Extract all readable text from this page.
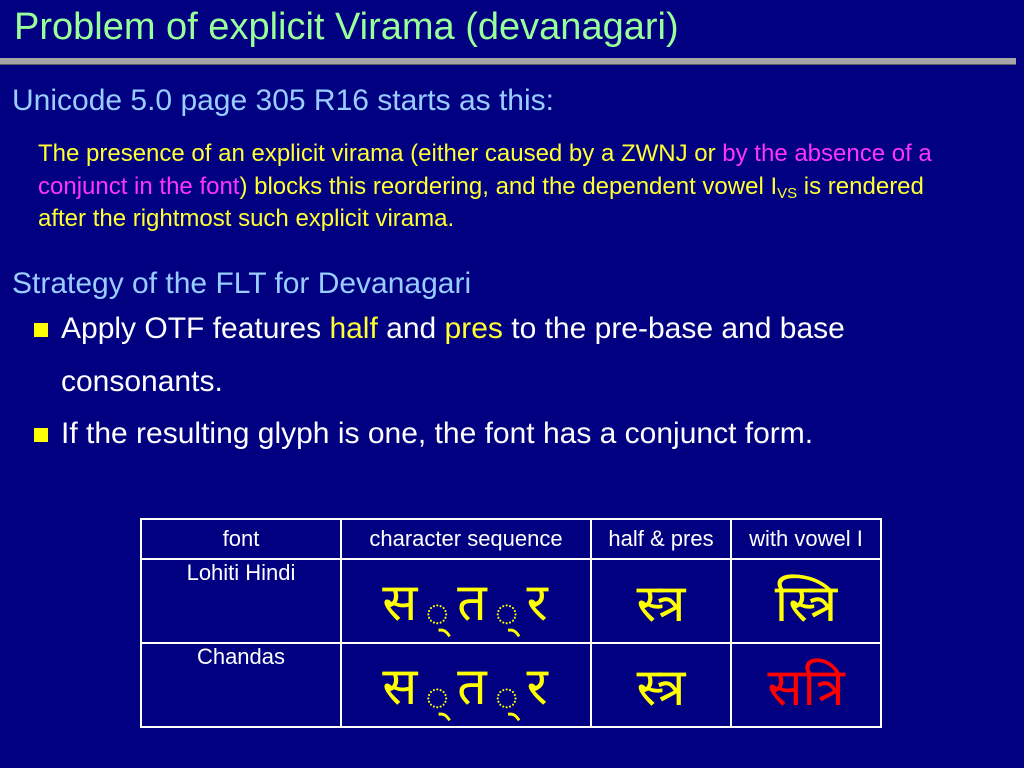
Problem of explicit Virama (devanagari)
Unicode 5.0 page 305 R16 starts as this:
The presence of an explicit virama (either caused by a ZWNJ or by the absence of a conjunct in the font) blocks this reordering, and the dependent vowel $I_{VS}$ is rendered after the rightmost such explicit virama.
Strategy of the FLT for Devanagari
Apply OTF features half and pres to the pre-base and base consonants.
If the resulting glyph is one, the font has a conjunct form.
font	character sequence	half & pres	with vowel I
Lohiti Hindi	स ् त ् र	स्त्र	स्त्रि
Chandas	स ् त ् र	स्त्र	सत्रि
